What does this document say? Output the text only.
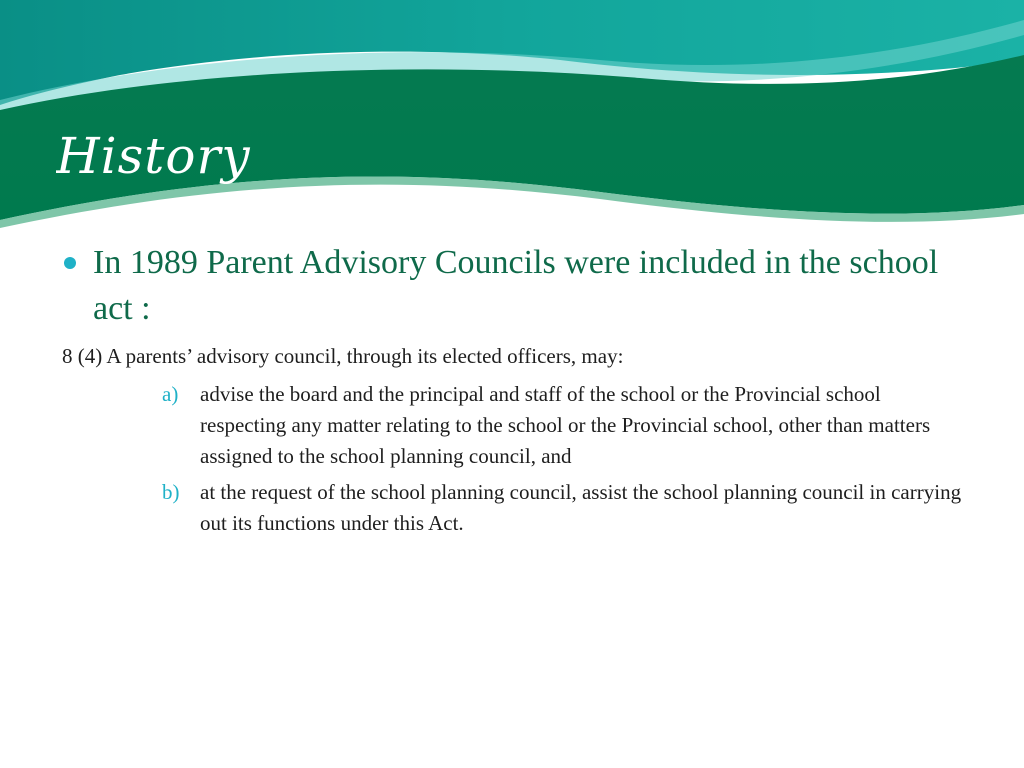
History
In 1989 Parent Advisory Councils were included in the school act :
8 (4) A parents’ advisory council, through its elected officers, may:
a) advise the board and the principal and staff of the school or the Provincial school respecting any matter relating to the school or the Provincial school, other than matters assigned to the school planning council, and
b) at the request of the school planning council, assist the school planning council in carrying out its functions under this Act.
